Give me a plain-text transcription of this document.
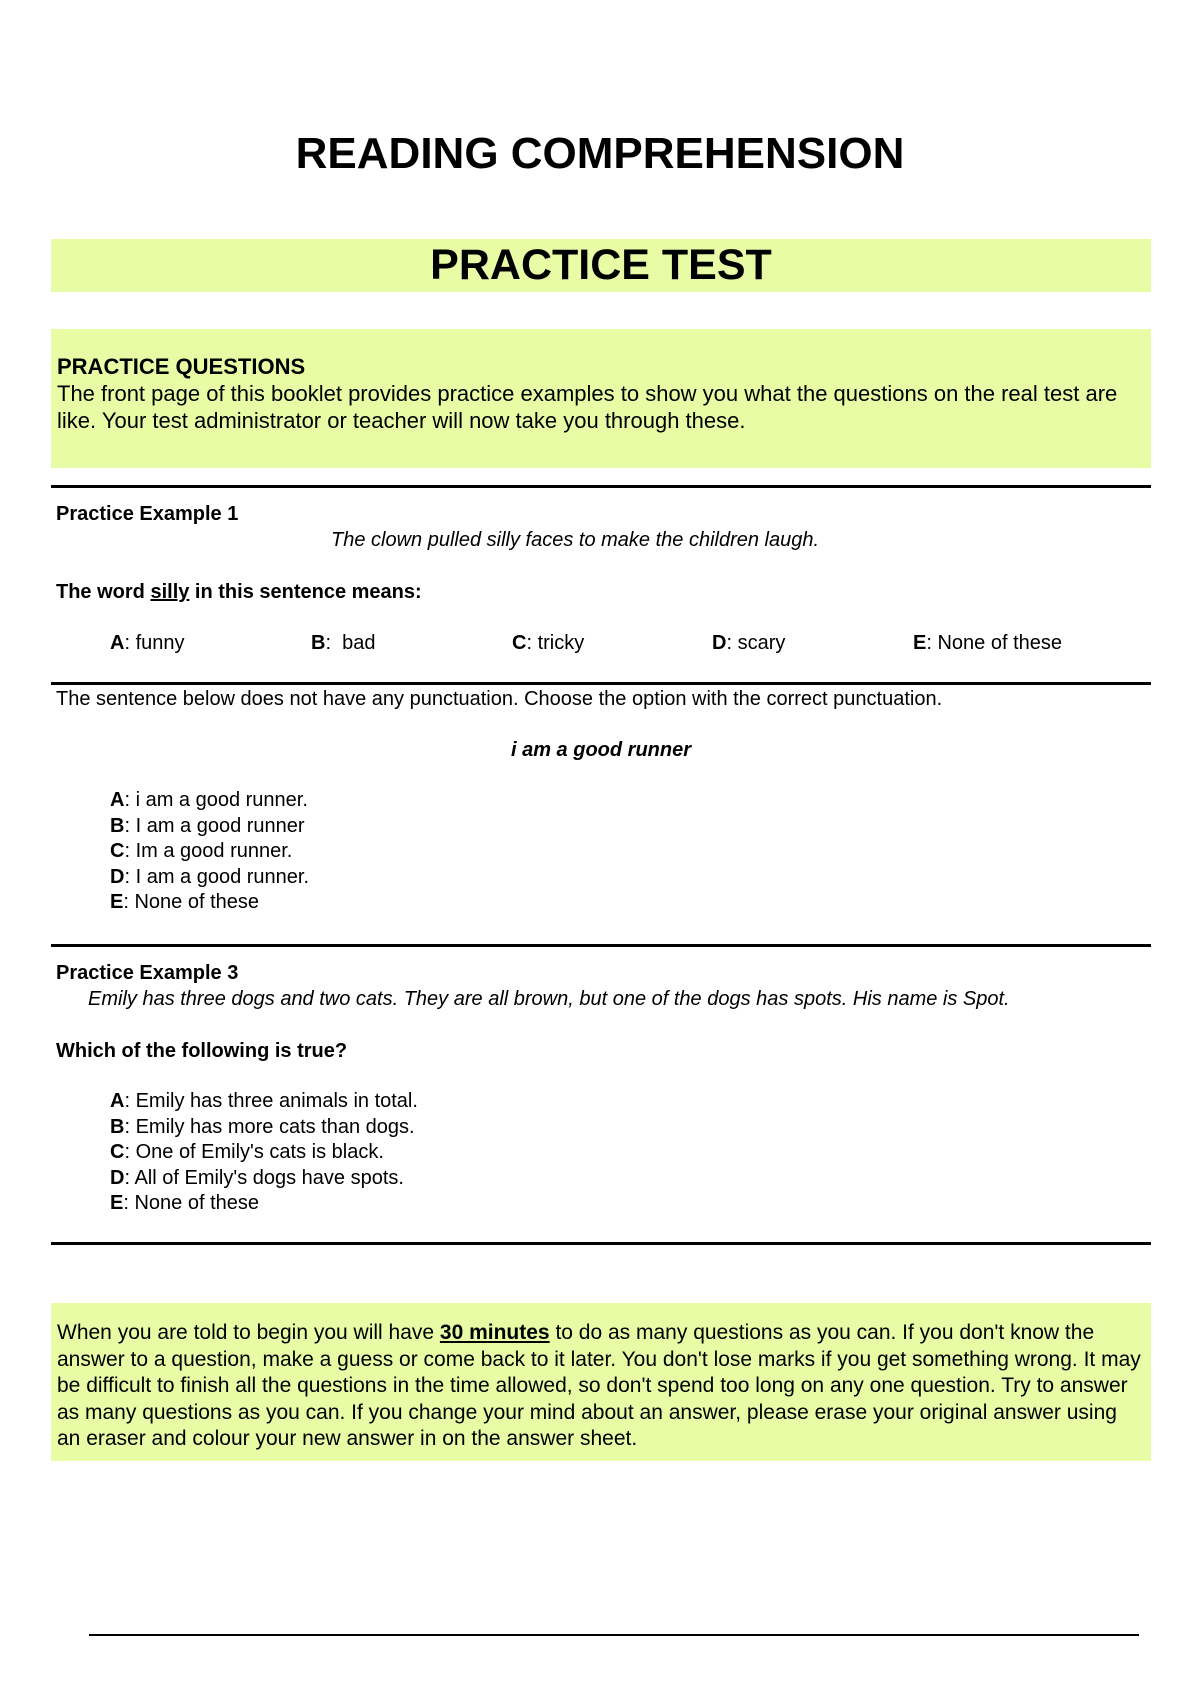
READING COMPREHENSION
PRACTICE TEST
PRACTICE QUESTIONS
The front page of this booklet provides practice examples to show you what the questions on the real test are like. Your test administrator or teacher will now take you through these.
Practice Example 1
The clown pulled silly faces to make the children laugh.
The word silly in this sentence means:
A: funny	B:  bad	C: tricky	D: scary	E: None of these
The sentence below does not have any punctuation. Choose the option with the correct punctuation.
i am a good runner
A: i am a good runner.
B: I am a good runner
C: Im a good runner.
D: I am a good runner.
E: None of these
Practice Example 3
Emily has three dogs and two cats. They are all brown, but one of the dogs has spots. His name is Spot.
Which of the following is true?
A: Emily has three animals in total.
B: Emily has more cats than dogs.
C: One of Emily's cats is black.
D: All of Emily's dogs have spots.
E: None of these
When you are told to begin you will have 30 minutes to do as many questions as you can. If you don't know the answer to a question, make a guess or come back to it later. You don't lose marks if you get something wrong. It may be difficult to finish all the questions in the time allowed, so don't spend too long on any one question. Try to answer as many questions as you can. If you change your mind about an answer, please erase your original answer using an eraser and colour your new answer in on the answer sheet.
